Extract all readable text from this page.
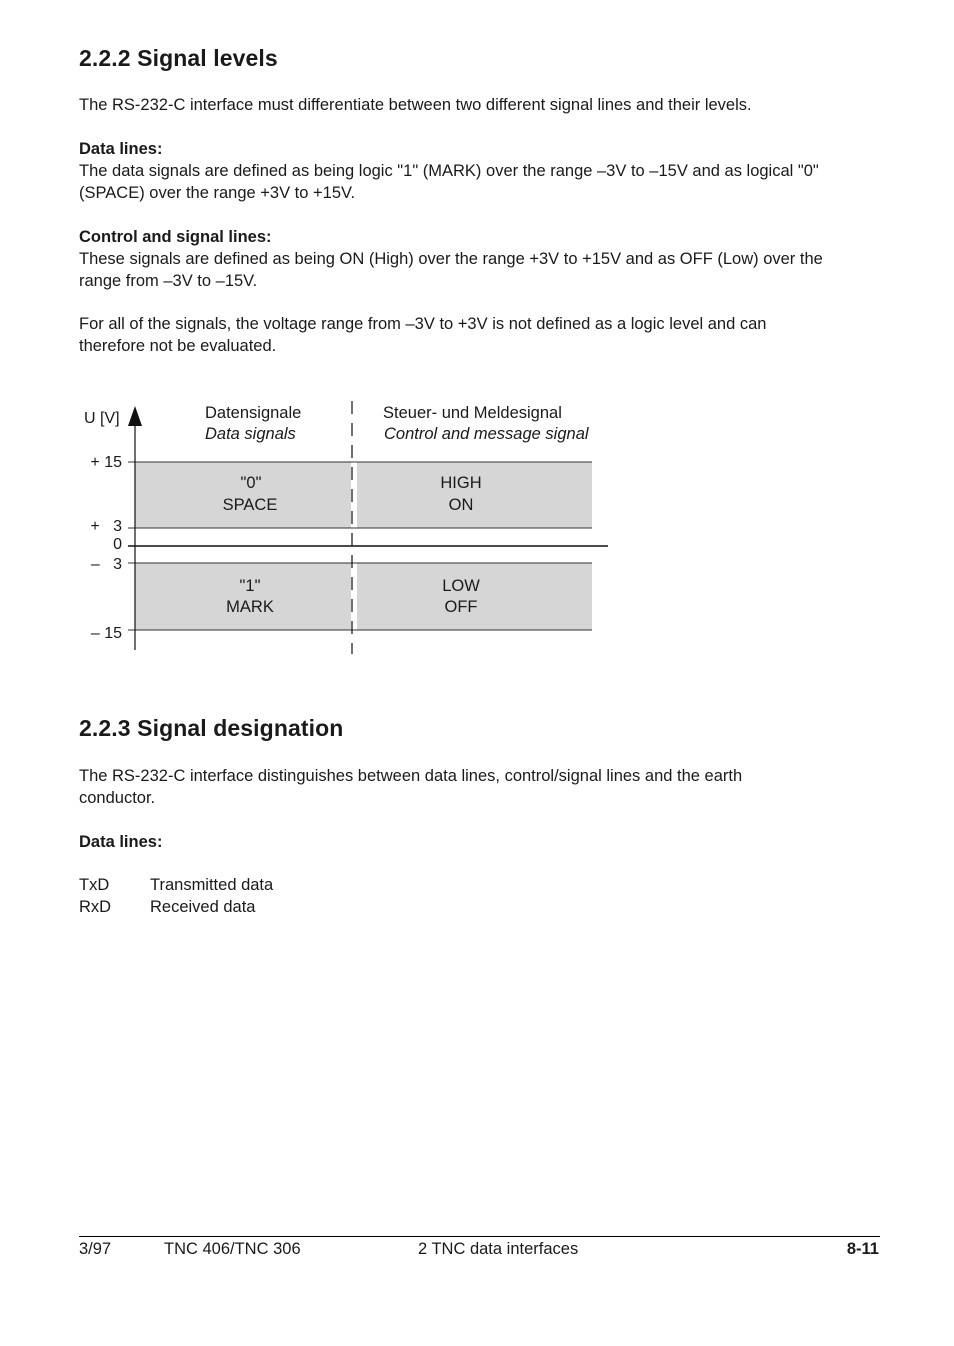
2.2.2 Signal levels

The RS-232-C interface must differentiate between two different signal lines and their levels.

Data lines:

The data signals are defined as being logic "1" (MARK) over the range –3V to –15V and as logical "0"

(SPACE) over the range +3V to +15V.

Control and signal lines:

These signals are defined as being ON (High) over the range +3V to +15V and as OFF (Low) over the

range from –3V to –15V.

For all of the signals, the voltage range from –3V to +3V is not defined as a logic level and can

therefore not be evaluated.

U [V]
+ 15
+   3
0
–   3
– 15
Datensignale
Data signals
Steuer- und Meldesignal
Control and message signal
"0"
SPACE
"1"
MARK
HIGH
ON
LOW
OFF
2.2.3 Signal designation

The RS-232-C interface distinguishes between data lines, control/signal lines and the earth

conductor.

Data lines:
TxD	Transmitted data
RxD	Received data
3/97	TNC 406/TNC 306	2 TNC data interfaces	8-11
